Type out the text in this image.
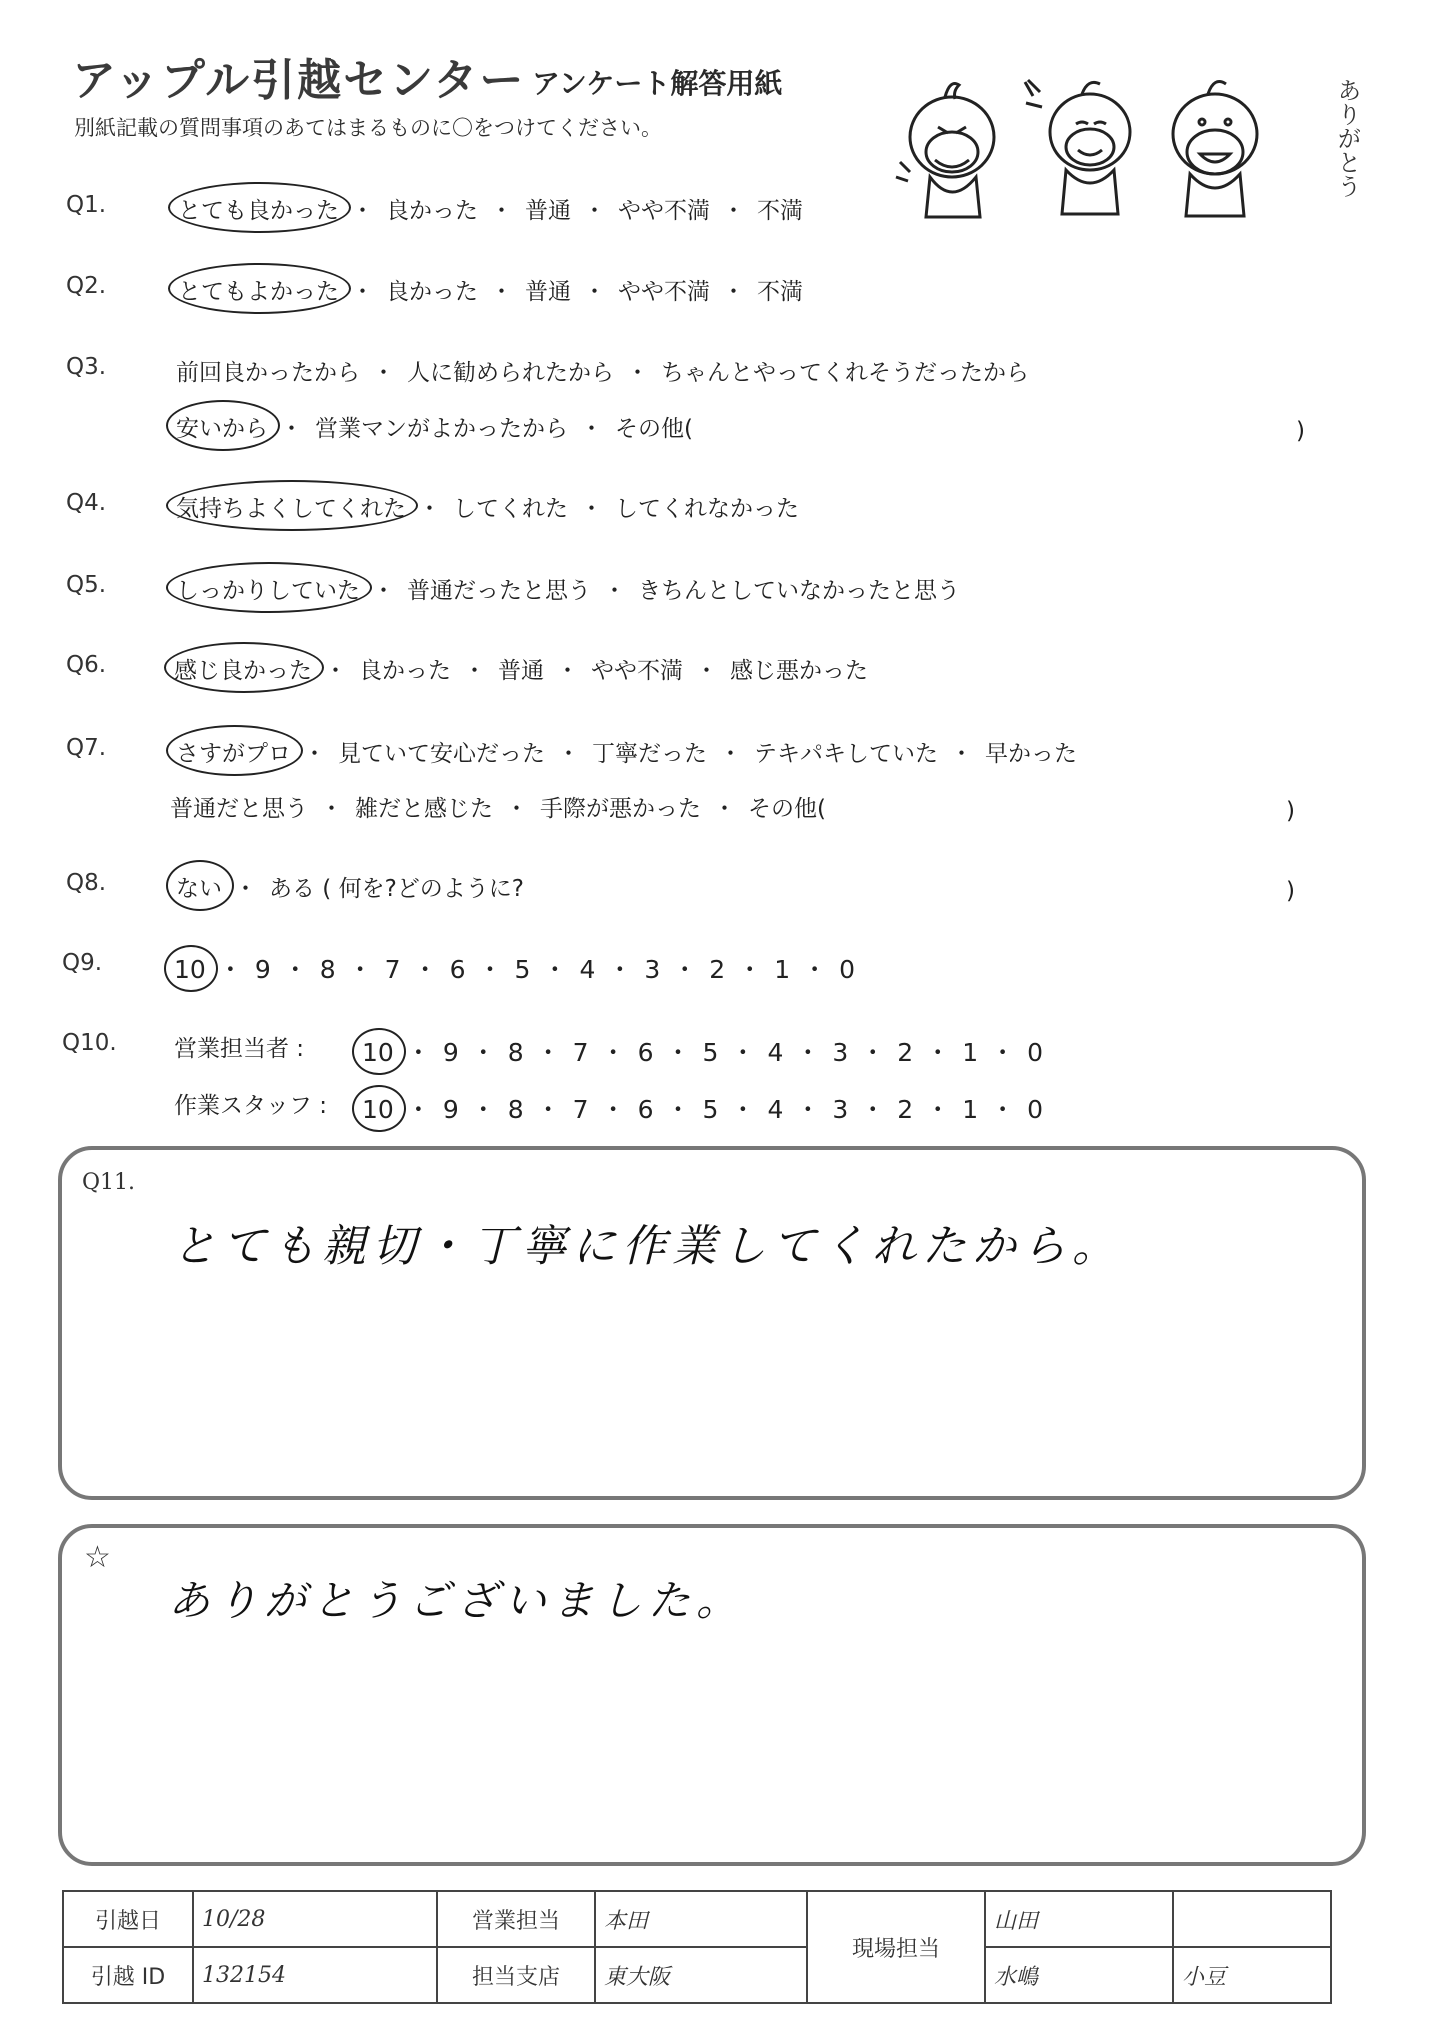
アップル引越センター アンケート解答用紙
別紙記載の質問事項のあてはまるものに〇をつけてください。	ありがとう
Q1.	とても良かった ・ 良かった ・ 普通 ・ やや不満 ・ 不満
Q2.	とてもよかった ・ 良かった ・ 普通 ・ やや不満 ・ 不満
Q3.	前回良かったから ・ 人に勧められたから ・ ちゃんとやってくれそうだったから
安いから ・ 営業マンがよかったから ・ その他(	)
Q4.	気持ちよくしてくれた ・ してくれた ・ してくれなかった
Q5.	しっかりしていた ・ 普通だったと思う ・ きちんとしていなかったと思う
Q6.	感じ良かった ・ 良かった ・ 普通 ・ やや不満 ・ 感じ悪かった
Q7.	さすがプロ ・ 見ていて安心だった ・ 丁寧だった ・ テキパキしていた ・ 早かった
普通だと思う ・ 雑だと感じた ・ 手際が悪かった ・ その他(	)
Q8.	ない ・ ある ( 何を?どのように?	)
Q9.	10 ・ 9 ・ 8 ・ 7 ・ 6 ・ 5 ・ 4 ・ 3 ・ 2 ・ 1 ・ 0
Q10. 営業担当者 : 10 ・ 9 ・ 8 ・ 7 ・ 6 ・ 5 ・ 4 ・ 3 ・ 2 ・ 1 ・ 0
作業スタッフ : 10 ・ 9 ・ 8 ・ 7 ・ 6 ・ 5 ・ 4 ・ 3 ・ 2 ・ 1 ・ 0
Q11.
とても親切・丁寧に作業してくれたから。
☆
ありがとうございました。
引越日	10/28	営業担当	本田	現場担当	山田	
引越 ID	132154	担当支店	東大阪		水嶋	小豆
